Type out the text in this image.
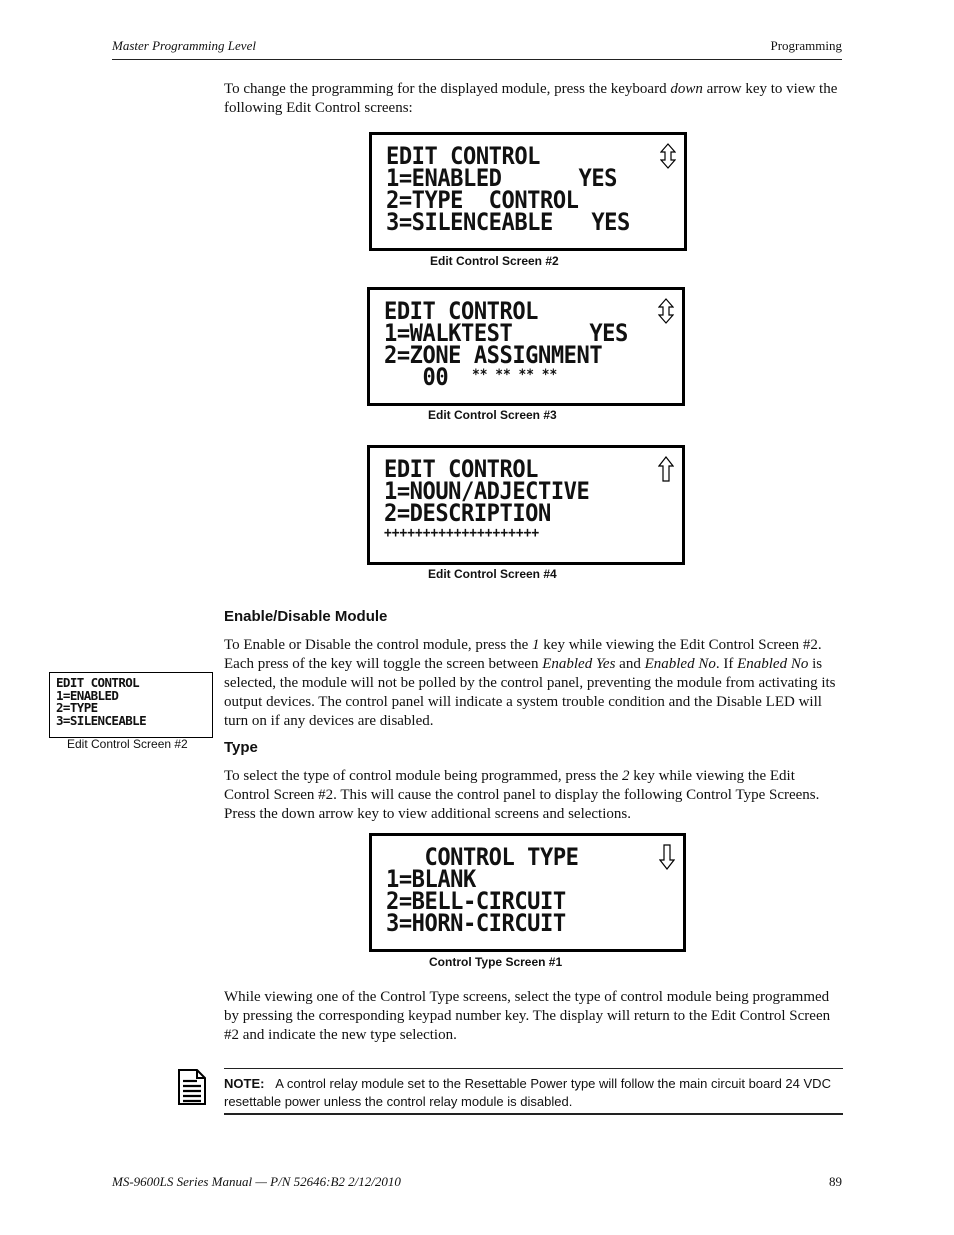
Master Programming Level	Programming
To change the programming for the displayed module, press the keyboard down arrow key to view the following Edit Control screens:
EDIT CONTROL
1=ENABLED      YES
2=TYPE  CONTROL
3=SILENCEABLE   YES
Edit Control Screen #2
EDIT CONTROL
1=WALKTEST      YES
2=ZONE ASSIGNMENT
00 ** ** ** **
Edit Control Screen #3
EDIT CONTROL
1=NOUN/ADJECTIVE
2=DESCRIPTION
++++++++++++++++++++
Edit Control Screen #4
Enable/Disable Module
To Enable or Disable the control module, press the 1 key while viewing the Edit Control Screen #2. Each press of the key will toggle the screen between Enabled Yes and Enabled No. If Enabled No is selected, the module will not be polled by the control panel, preventing the module from activating its output devices. The control panel will indicate a system trouble condition and the Disable LED will turn on if any devices are disabled.
EDIT CONTROL
1=ENABLED
2=TYPE
3=SILENCEABLE
Edit Control Screen #2 Type
To select the type of control module being programmed, press the 2 key while viewing the Edit Control Screen #2. This will cause the control panel to display the following Control Type Screens. Press the down arrow key to view additional screens and selections.
CONTROL TYPE
1=BLANK
2=BELL-CIRCUIT
3=HORN-CIRCUIT
Control Type Screen #1
While viewing one of the Control Type screens, select the type of control module being programmed by pressing the corresponding keypad number key. The display will return to the Edit Control Screen #2 and indicate the new type selection.
NOTE: A control relay module set to the Resettable Power type will follow the main circuit board 24 VDC resettable power unless the control relay module is disabled.
MS-9600LS Series Manual — P/N 52646:B2 2/12/2010	89
